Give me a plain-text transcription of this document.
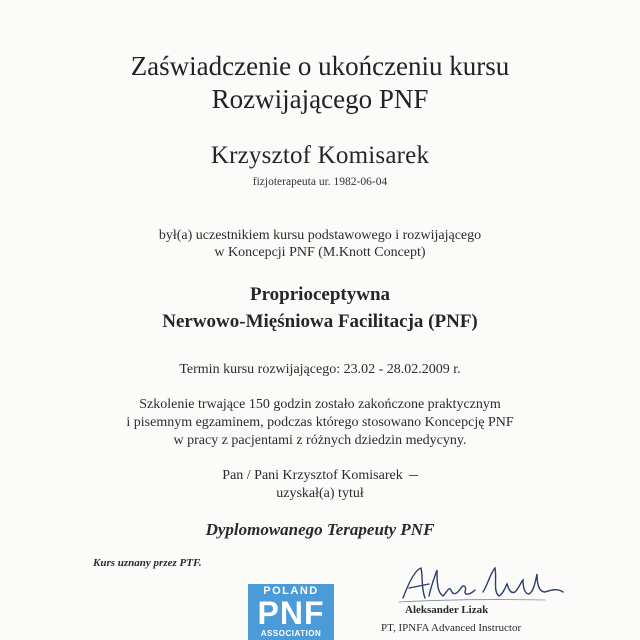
Zaświadczenie o ukończeniu kursu
Rozwijającego PNF
Krzysztof Komisarek
fizjoterapeuta ur. 1982-06-04
był(a) uczestnikiem kursu podstawowego i rozwijającego
w Koncepcji PNF (M.Knott Concept)
Proprioceptywna
Nerwowo-Mięśniowa Facilitacja (PNF)
Termin kursu rozwijającego: 23.02 - 28.02.2009 r.
Szkolenie trwające 150 godzin zostało zakończone praktycznym
i pisemnym egzaminem, podczas którego stosowano Koncepcję PNF
w pracy z pacjentami z różnych dziedzin medycyny.
Pan / Pani Krzysztof Komisarek
uzyskał(a) tytuł
Dyplomowanego Terapeuty PNF
Kurs uznany przez PTF.
POLAND
PNF
ASSOCIATION
Aleksander Lizak
PT, IPNFA Advanced Instructor
